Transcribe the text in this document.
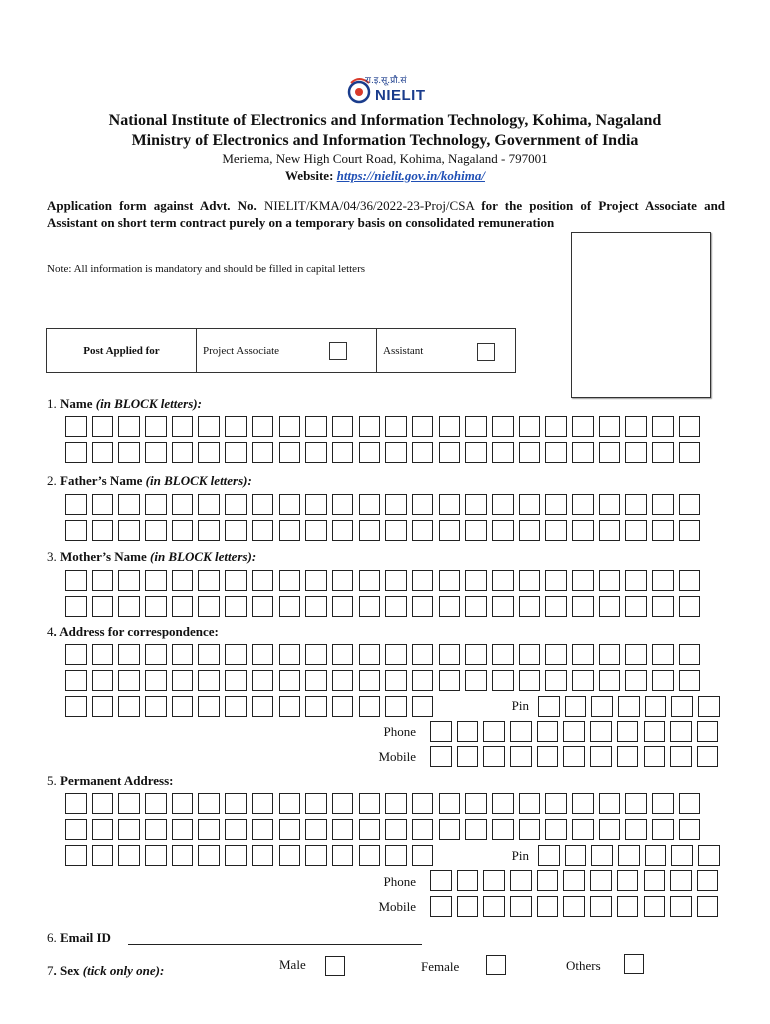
रा.इ.सू.प्रौ.सं
NIELIT
National Institute of Electronics and Information Technology, Kohima, Nagaland
Ministry of Electronics and Information Technology, Government of India
Meriema, New High Court Road, Kohima, Nagaland - 797001
Website: https://nielit.gov.in/kohima/
Application form against Advt. No. NIELIT/KMA/04/36/2022-23-Proj/CSA for the position of Project Associate and Assistant on short term contract purely on a temporary basis on consolidated remuneration
Note: All information is mandatory and should be filled in capital letters
Post Applied for	Project Associate	Assistant
1. Name (in BLOCK letters):
2. Father’s Name (in BLOCK letters):
3. Mother’s Name (in BLOCK letters):
4. Address for correspondence:
5. Permanent Address:
Pin
Phone
Mobile
Pin
Phone
Mobile
6. Email ID
7. Sex (tick only one):	Male	Female	Others
